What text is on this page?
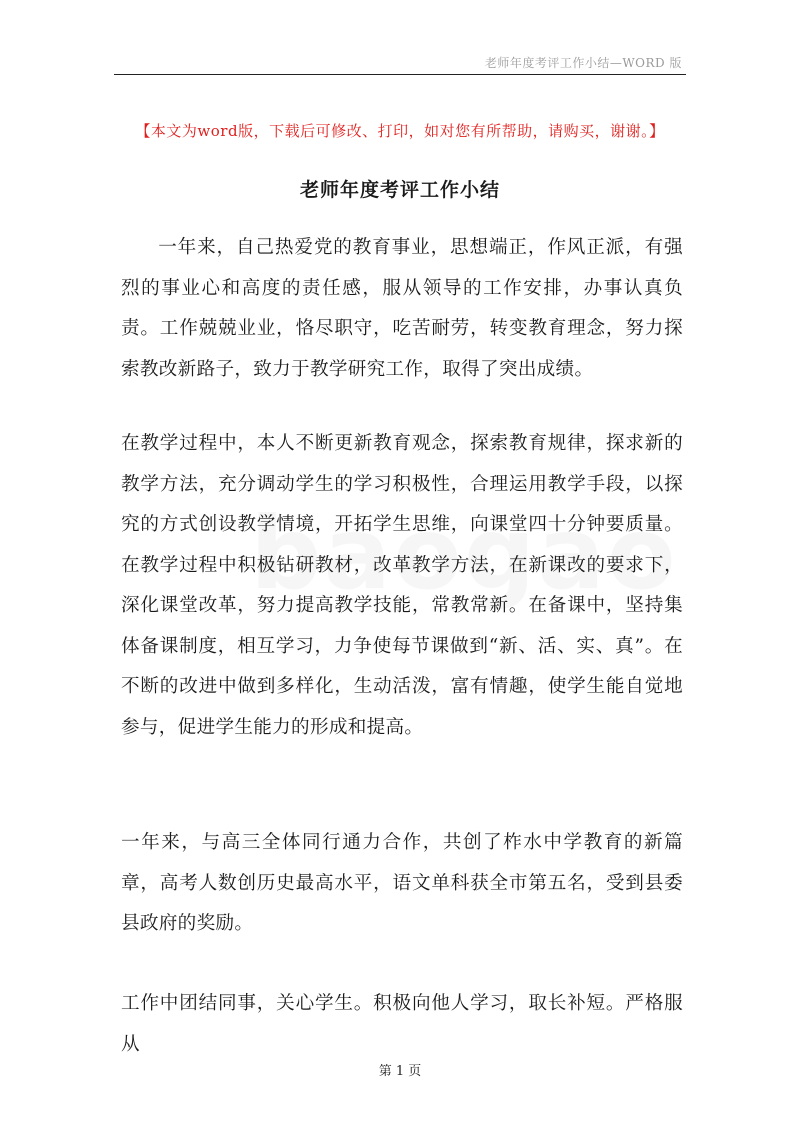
老师年度考评工作小结—WORD 版
【本文为word版，下载后可修改、打印，如对您有所帮助，请购买，谢谢。】
老师年度考评工作小结

一年来，自己热爱党的教育事业，思想端正，作风正派，有强烈的事业心和高度的责任感，服从领导的工作安排，办事认真负责。工作兢兢业业，恪尽职守，吃苦耐劳，转变教育理念，努力探索教改新路子，致力于教学研究工作，取得了突出成绩。

在教学过程中，本人不断更新教育观念，探索教育规律，探求新的教学方法，充分调动学生的学习积极性，合理运用教学手段，以探究的方式创设教学情境，开拓学生思维，向课堂四十分钟要质量。在教学过程中积极钻研教材，改革教学方法，在新课改的要求下，深化课堂改革，努力提高教学技能，常教常新。在备课中，坚持集体备课制度，相互学习，力争使每节课做到“新、活、实、真”。在不断的改进中做到多样化，生动活泼，富有情趣，使学生能自觉地参与，促进学生能力的形成和提高。

一年来，与高三全体同行通力合作，共创了柞水中学教育的新篇章，高考人数创历史最高水平，语文单科获全市第五名，受到县委县政府的奖励。

工作中团结同事，关心学生。积极向他人学习，取长补短。严格服从

第 1 页
